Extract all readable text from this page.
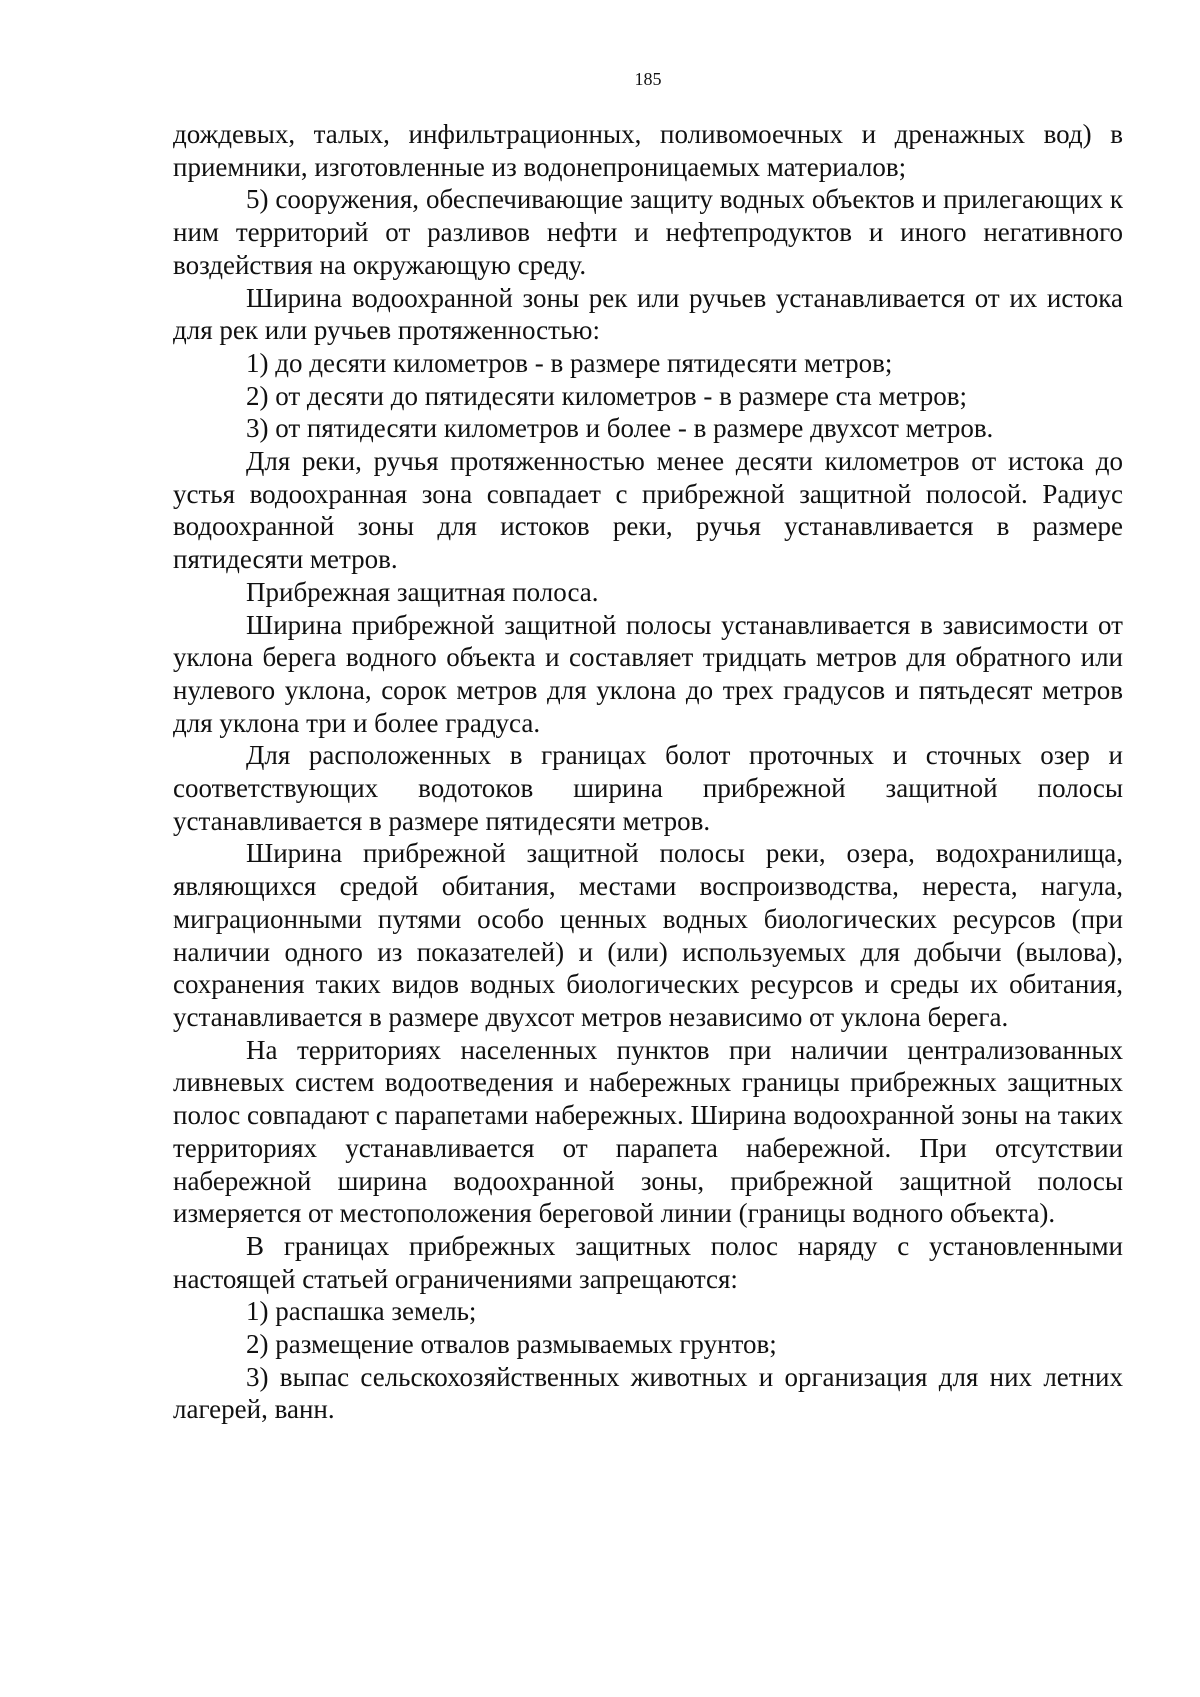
185

дождевых, талых, инфильтрационных, поливомоечных и дренажных вод) в приемники, изготовленные из водонепроницаемых материалов;

5) сооружения, обеспечивающие защиту водных объектов и прилегающих к ним территорий от разливов нефти и нефтепродуктов и иного негативного воздействия на окружающую среду.

Ширина водоохранной зоны рек или ручьев устанавливается от их истока для рек или ручьев протяженностью:

1) до десяти километров - в размере пятидесяти метров;

2) от десяти до пятидесяти километров - в размере ста метров;

3) от пятидесяти километров и более - в размере двухсот метров.

Для реки, ручья протяженностью менее десяти километров от истока до устья водоохранная зона совпадает с прибрежной защитной полосой. Радиус водоохранной зоны для истоков реки, ручья устанавливается в размере пятидесяти метров.

Прибрежная защитная полоса.

Ширина прибрежной защитной полосы устанавливается в зависимости от уклона берега водного объекта и составляет тридцать метров для обратного или нулевого уклона, сорок метров для уклона до трех градусов и пятьдесят метров для уклона три и более градуса.

Для расположенных в границах болот проточных и сточных озер и соответствующих водотоков ширина прибрежной защитной полосы устанавливается в размере пятидесяти метров.

Ширина прибрежной защитной полосы реки, озера, водохранилища, являющихся средой обитания, местами воспроизводства, нереста, нагула, миграционными путями особо ценных водных биологических ресурсов (при наличии одного из показателей) и (или) используемых для добычи (вылова), сохранения таких видов водных биологических ресурсов и среды их обитания, устанавливается в размере двухсот метров независимо от уклона берега.

На территориях населенных пунктов при наличии централизованных ливневых систем водоотведения и набережных границы прибрежных защитных полос совпадают с парапетами набережных. Ширина водоохранной зоны на таких территориях устанавливается от парапета набережной. При отсутствии набережной ширина водоохранной зоны, прибрежной защитной полосы измеряется от местоположения береговой линии (границы водного объекта).

В границах прибрежных защитных полос наряду с установленными настоящей статьей ограничениями запрещаются:

1) распашка земель;

2) размещение отвалов размываемых грунтов;

3) выпас сельскохозяйственных животных и организация для них летних лагерей, ванн.
